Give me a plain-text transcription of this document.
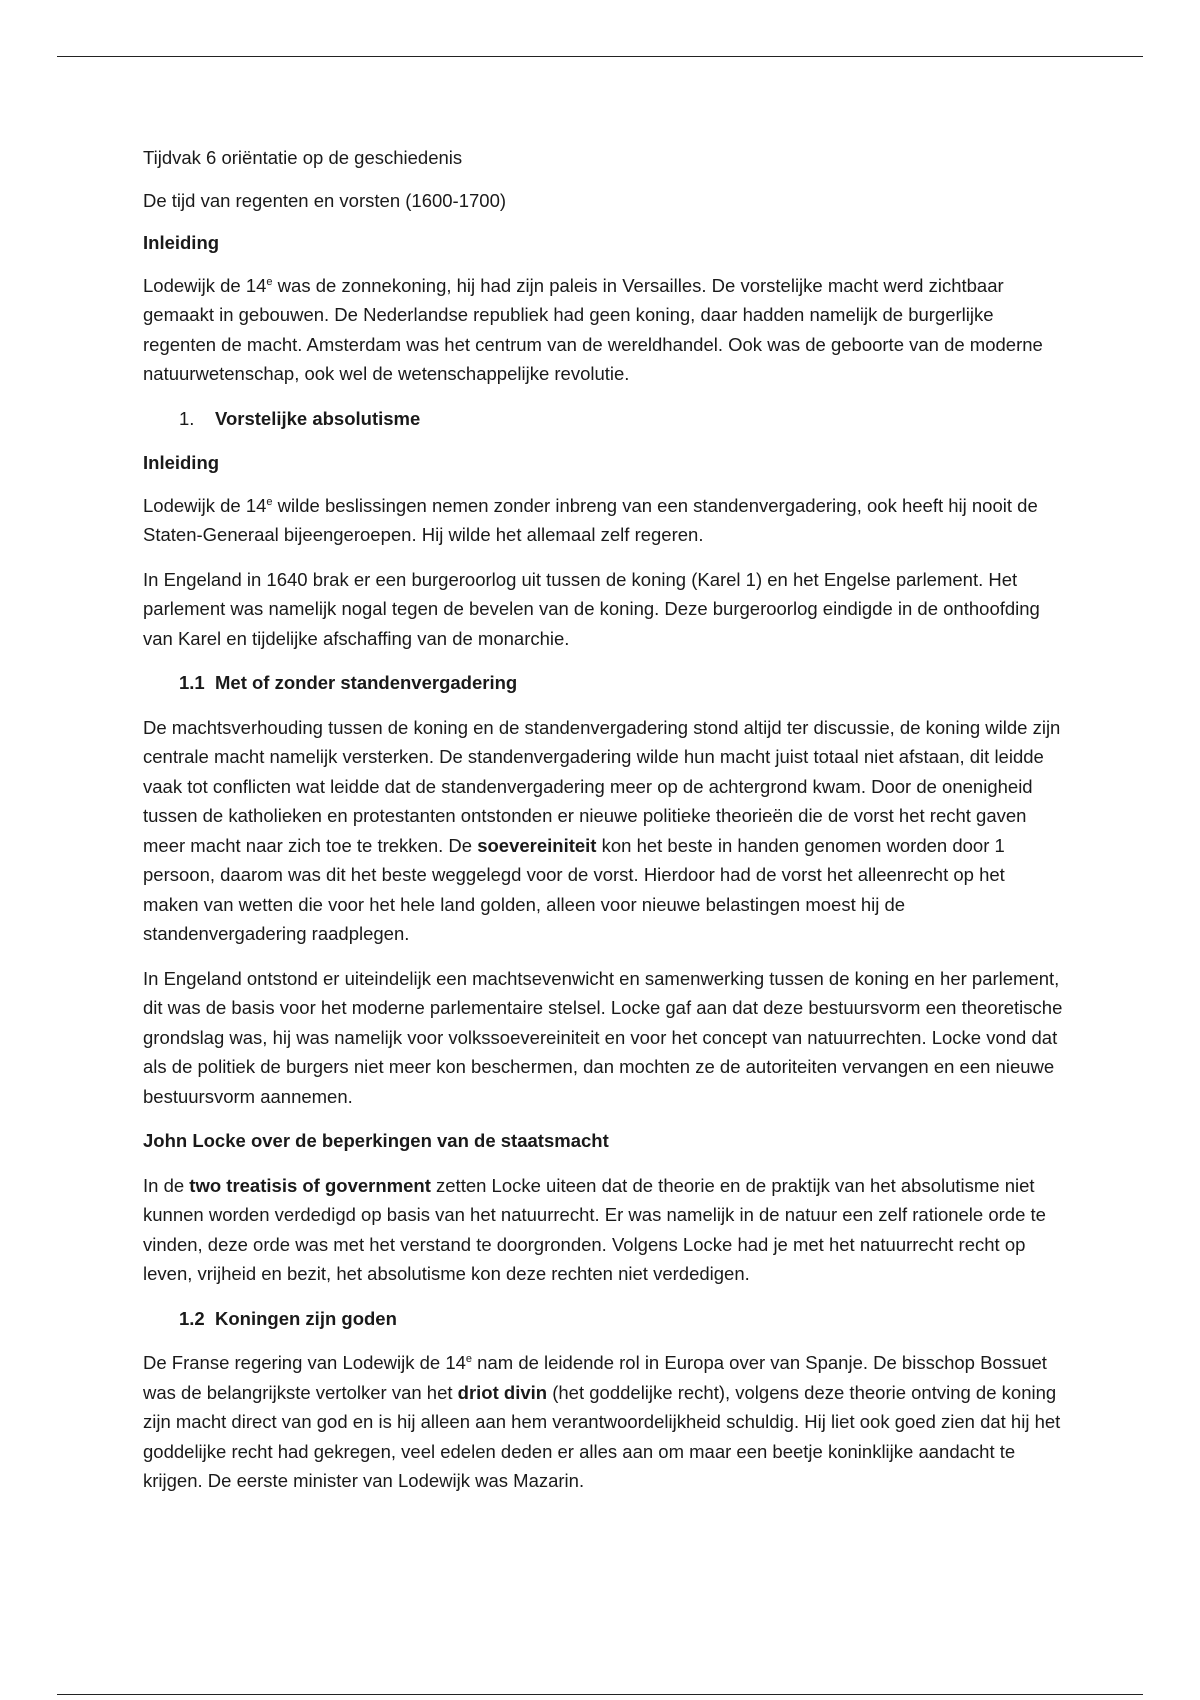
Tijdvak 6 oriëntatie op de geschiedenis

De tijd van regenten en vorsten (1600-1700)

Inleiding

Lodewijk de 14e was de zonnekoning, hij had zijn paleis in Versailles. De vorstelijke macht werd zichtbaar gemaakt in gebouwen. De Nederlandse republiek had geen koning, daar hadden namelijk de burgerlijke regenten de macht. Amsterdam was het centrum van de wereldhandel. Ook was de geboorte van de moderne natuurwetenschap, ook wel de wetenschappelijke revolutie.

1. Vorstelijke absolutisme

Inleiding

Lodewijk de 14e wilde beslissingen nemen zonder inbreng van een standenvergadering, ook heeft hij nooit de Staten-Generaal bijeengeroepen. Hij wilde het allemaal zelf regeren.

In Engeland in 1640 brak er een burgeroorlog uit tussen de koning (Karel 1) en het Engelse parlement. Het parlement was namelijk nogal tegen de bevelen van de koning. Deze burgeroorlog eindigde in de onthoofding van Karel en tijdelijke afschaffing van de monarchie.

1.1 Met of zonder standenvergadering

De machtsverhouding tussen de koning en de standenvergadering stond altijd ter discussie, de koning wilde zijn centrale macht namelijk versterken. De standenvergadering wilde hun macht juist totaal niet afstaan, dit leidde vaak tot conflicten wat leidde dat de standenvergadering meer op de achtergrond kwam. Door de onenigheid tussen de katholieken en protestanten ontstonden er nieuwe politieke theorieën die de vorst het recht gaven meer macht naar zich toe te trekken. De soevereiniteit kon het beste in handen genomen worden door 1 persoon, daarom was dit het beste weggelegd voor de vorst. Hierdoor had de vorst het alleenrecht op het maken van wetten die voor het hele land golden, alleen voor nieuwe belastingen moest hij de standenvergadering raadplegen.

In Engeland ontstond er uiteindelijk een machtsevenwicht en samenwerking tussen de koning en her parlement, dit was de basis voor het moderne parlementaire stelsel. Locke gaf aan dat deze bestuursvorm een theoretische grondslag was, hij was namelijk voor volkssoevereiniteit en voor het concept van natuurrechten. Locke vond dat als de politiek de burgers niet meer kon beschermen, dan mochten ze de autoriteiten vervangen en een nieuwe bestuursvorm aannemen.

John Locke over de beperkingen van de staatsmacht

In de two treatisis of government zetten Locke uiteen dat de theorie en de praktijk van het absolutisme niet kunnen worden verdedigd op basis van het natuurrecht. Er was namelijk in de natuur een zelf rationele orde te vinden, deze orde was met het verstand te doorgronden. Volgens Locke had je met het natuurrecht recht op leven, vrijheid en bezit, het absolutisme kon deze rechten niet verdedigen.

1.2 Koningen zijn goden

De Franse regering van Lodewijk de 14e nam de leidende rol in Europa over van Spanje. De bisschop Bossuet was de belangrijkste vertolker van het driot divin (het goddelijke recht), volgens deze theorie ontving de koning zijn macht direct van god en is hij alleen aan hem verantwoordelijkheid schuldig. Hij liet ook goed zien dat hij het goddelijke recht had gekregen, veel edelen deden er alles aan om maar een beetje koninklijke aandacht te krijgen. De eerste minister van Lodewijk was Mazarin.
